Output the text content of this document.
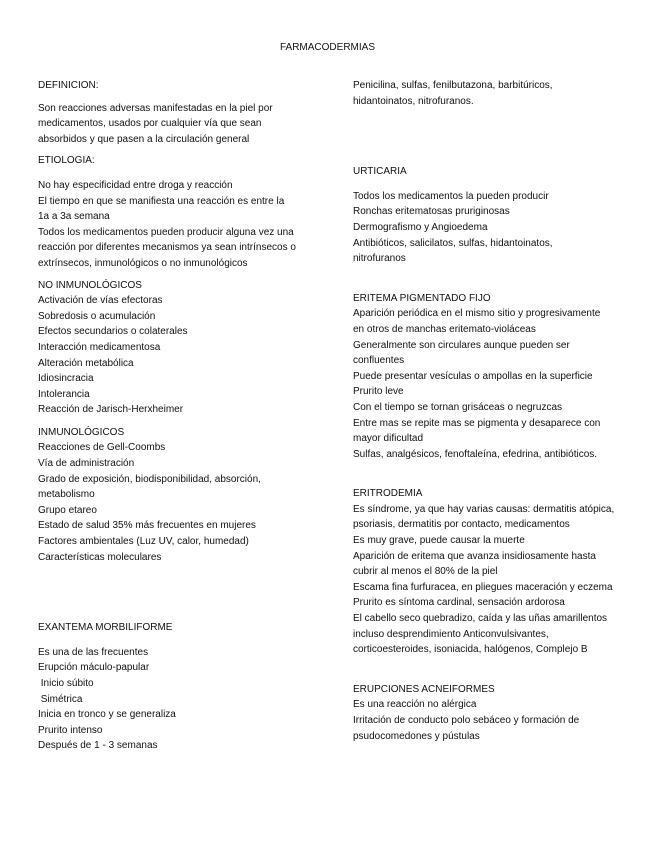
FARMACODERMIAS
DEFINICION:
Son reacciones adversas manifestadas en la piel por
medicamentos, usados por cualquier vía que sean
absorbidos y que pasen a la circulación general
ETIOLOGIA:
No hay especificidad entre droga y reacción
El tiempo en que se manifiesta una reacción es entre la
1a a 3a semana
Todos los medicamentos pueden producir alguna vez una
reacción por diferentes mecanismos ya sean intrínsecos o
extrínsecos, inmunológicos o no inmunológicos
NO INMUNOLÓGICOS
Activación de vías efectoras
Sobredosis o acumulación
Efectos secundarios o colaterales
Interacción medicamentosa
Alteración metabólica
Idiosincracia
Intolerancia
Reacción de Jarisch-Herxheimer
INMUNOLÓGICOS
Reacciones de Gell-Coombs
Vía de administración
Grado de exposición, biodisponibilidad, absorción,
metabolismo
Grupo etareo
Estado de salud 35% más frecuentes en mujeres
Factores ambientales (Luz UV, calor, humedad)
Características moleculares
EXANTEMA MORBILIFORME
Es una de las frecuentes
Erupción máculo-papular
Inicio súbito
Simétrica
Inicia en tronco y se generaliza
Prurito intenso
Después de 1 - 3 semanas
Penicilina, sulfas, fenilbutazona, barbitúricos,
hidantoinatos, nitrofuranos.
URTICARIA
Todos los medicamentos la pueden producir
Ronchas eritematosas pruriginosas
Dermografismo y Angioedema
Antibióticos, salicilatos, sulfas, hidantoinatos,
nitrofuranos
ERITEMA PIGMENTADO FIJO
Aparición periódica en el mismo sitio y progresivamente
en otros de manchas eritemato-violáceas
Generalmente son circulares aunque pueden ser
confluentes
Puede presentar vesículas o ampollas en la superficie
Prurito leve
Con el tiempo se tornan grisáceas o negruzcas
Entre mas se repite mas se pigmenta y desaparece con
mayor dificultad
Sulfas, analgésicos, fenoftaleína, efedrina, antibióticos.
ERITRODEMIA
Es síndrome, ya que hay varias causas: dermatitis atópica,
psoriasis, dermatitis por contacto, medicamentos
Es muy grave, puede causar la muerte
Aparición de eritema que avanza insidiosamente hasta
cubrir al menos el 80% de la piel
Escama fina furfuracea, en pliegues maceración y eczema
Prurito es síntoma cardinal, sensación ardorosa
El cabello seco quebradizo, caída y las uñas amarillentos
incluso desprendimiento Anticonvulsivantes,
corticoesteroides, isoniacida, halógenos, Complejo B
ERUPCIONES ACNEIFORMES
Es una reacción no alérgica
Irritación de conducto polo sebáceo y formación de
psudocomedones y pústulas
